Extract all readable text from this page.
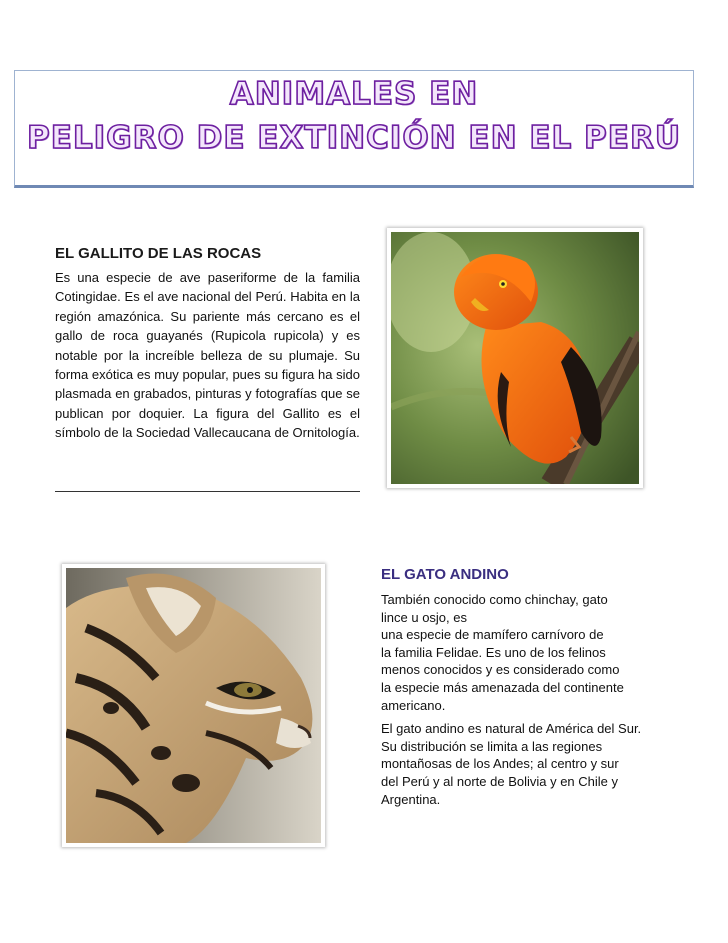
ANIMALES EN
PELIGRO DE EXTINCIÓN EN EL PERÚ
EL GALLITO DE LAS ROCAS

Es una especie de ave paseriforme de la familia Cotingidae. Es el ave nacional del Perú. Habita en la región amazónica. Su pariente más cercano es el gallo de roca guayanés (Rupicola rupicola) y es notable por la increíble belleza de su plumaje. Su forma exótica es muy popular, pues su figura ha sido plasmada en grabados, pinturas y fotografías que se publican por doquier. La figura del Gallito es el símbolo de la Sociedad Vallecaucana de Ornitología.

EL GATO ANDINO

También conocido como chinchay, gato
lince u osjo, es
una especie de mamífero carnívoro de
la familia Felidae. Es uno de los felinos
menos conocidos y es considerado como
la especie más amenazada del continente
americano.

El gato andino es natural de América del Sur.
Su distribución se limita a las regiones
montañosas de los Andes; al centro y sur
del Perú y al norte de Bolivia y en Chile y
Argentina.
